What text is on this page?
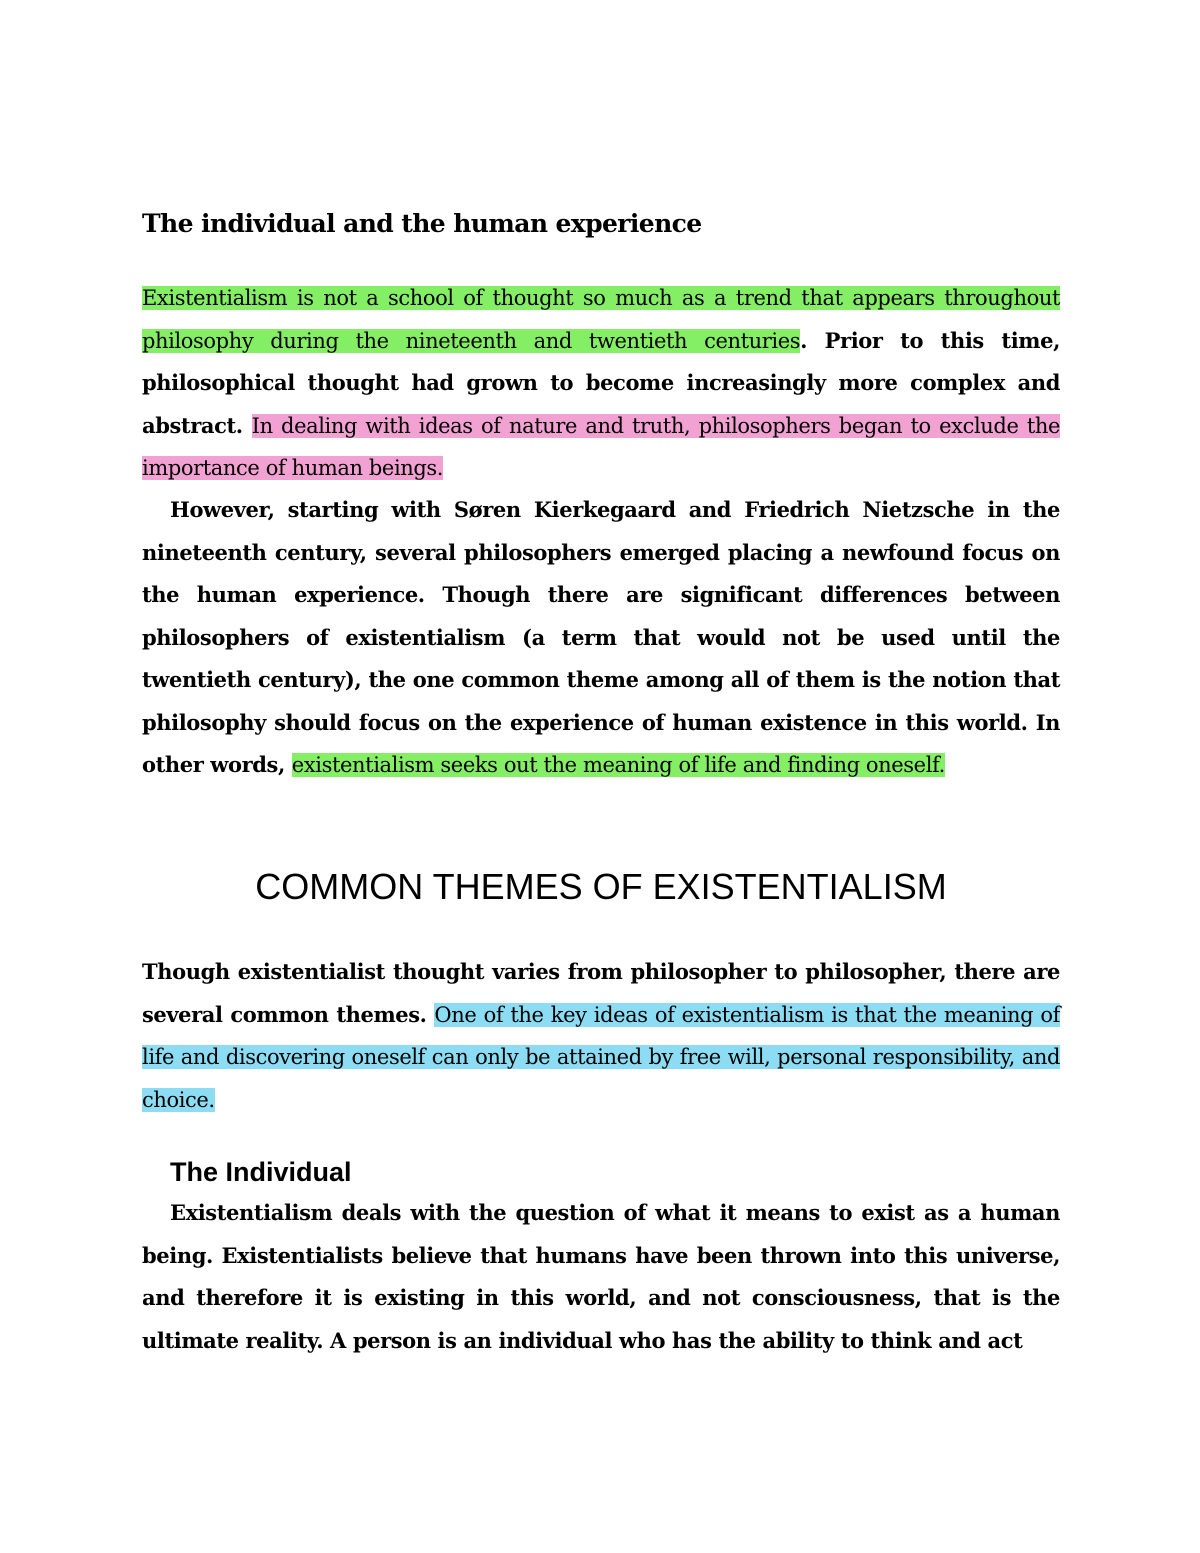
The individual and the human experience

Existentialism is not a school of thought so much as a trend that appears throughout philosophy during the nineteenth and twentieth centuries. Prior to this time, philosophical thought had grown to become increasingly more complex and abstract. In dealing with ideas of nature and truth, philosophers began to exclude the importance of human beings.

However, starting with Søren Kierkegaard and Friedrich Nietzsche in the nineteenth century, several philosophers emerged placing a newfound focus on the human experience. Though there are significant differences between philosophers of existentialism (a term that would not be used until the twentieth century), the one common theme among all of them is the notion that philosophy should focus on the experience of human existence in this world. In other words, existentialism seeks out the meaning of life and finding oneself.

COMMON THEMES OF EXISTENTIALISM

Though existentialist thought varies from philosopher to philosopher, there are several common themes. One of the key ideas of existentialism is that the meaning of life and discovering oneself can only be attained by free will, personal responsibility, and choice.

The Individual

Existentialism deals with the question of what it means to exist as a human being. Existentialists believe that humans have been thrown into this universe, and therefore it is existing in this world, and not consciousness, that is the ultimate reality. A person is an individual who has the ability to think and act
